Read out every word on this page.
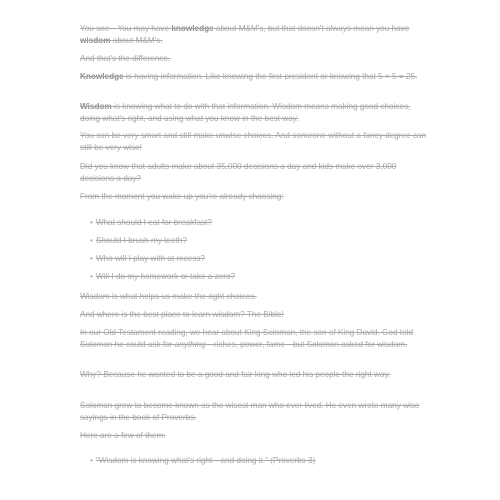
You see—You may have knowledge about M&M's, but that doesn't always mean you have wisdom about M&M's.

And that's the difference.

Knowledge is having information. Like knowing the first president or knowing that 5 × 5 = 25.

Wisdom is knowing what to do with that information. Wisdom means making good choices, doing what's right, and using what you know in the best way.

You can be very smart and still make unwise choices. And someone without a fancy degree can still be very wise!

Did you know that adults make about 35,000 decisions a day and kids make over 3,000 decisions a day?

From the moment you wake up you're already choosing:

• What should I eat for breakfast?
• Should I brush my teeth?
• Who will I play with at recess?
• Will I do my homework or take a zero?

Wisdom is what helps us make the right choices.

And where is the best place to learn wisdom? The Bible!

In our Old Testament reading, we hear about King Solomon, the son of King David. God told Solomon he could ask for anything—riches, power, fame—but Solomon asked for wisdom.

Why? Because he wanted to be a good and fair king who led his people the right way.

Solomon grew to become known as the wisest man who ever lived. He even wrote many wise sayings in the book of Proverbs.

Here are a few of them:

• "Wisdom is knowing what's right—and doing it." (Proverbs 3)
